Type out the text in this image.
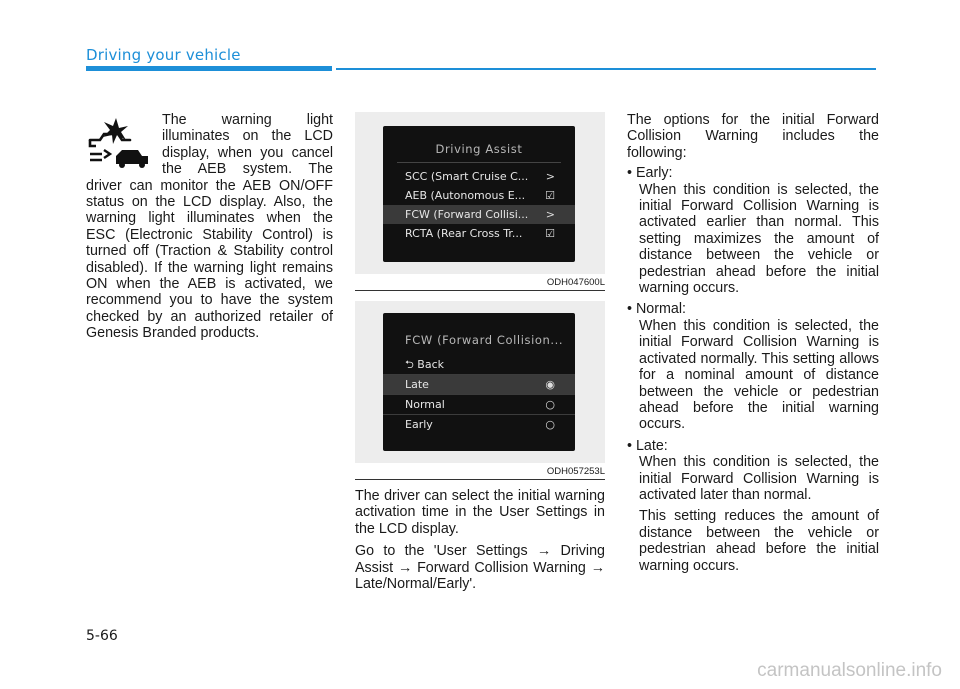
Driving your vehicle
The warning light illuminates on the LCD display, when you cancel the AEB system. The driver can monitor the AEB ON/OFF status on the LCD display. Also, the warning light illuminates when the ESC (Electronic Stability Control) is turned off (Traction & Stability control disabled). If the warning light remains ON when the AEB is activated, we recommend you to have the system checked by an authorized retailer of Genesis Branded products.
Driving Assist
SCC (Smart Cruise C... >
AEB (Autonomous E... ☑
FCW (Forward Collisi... >
RCTA (Rear Cross Tr... ☑
ODH047600L
FCW (Forward Collision...
⮌ Back
Late	◉
Normal	○
Early	○
ODH057253L

The driver can select the initial warning activation time in the User Settings in the LCD display.

Go to the 'User Settings → Driving Assist → Forward Collision Warning → Late/Normal/Early'.

The options for the initial Forward Collision Warning includes the following:

• Early:

When this condition is selected, the initial Forward Collision Warning is activated earlier than normal. This setting maximizes the amount of distance between the vehicle or pedestrian ahead before the initial warning occurs.

• Normal:

When this condition is selected, the initial Forward Collision Warning is activated normally. This setting allows for a nominal amount of distance between the vehicle or pedestrian ahead before the initial warning occurs.

• Late:

When this condition is selected, the initial Forward Collision Warning is activated later than normal.

This setting reduces the amount of distance between the vehicle or pedestrian ahead before the initial warning occurs.

5-66
carmanualsonline.info
